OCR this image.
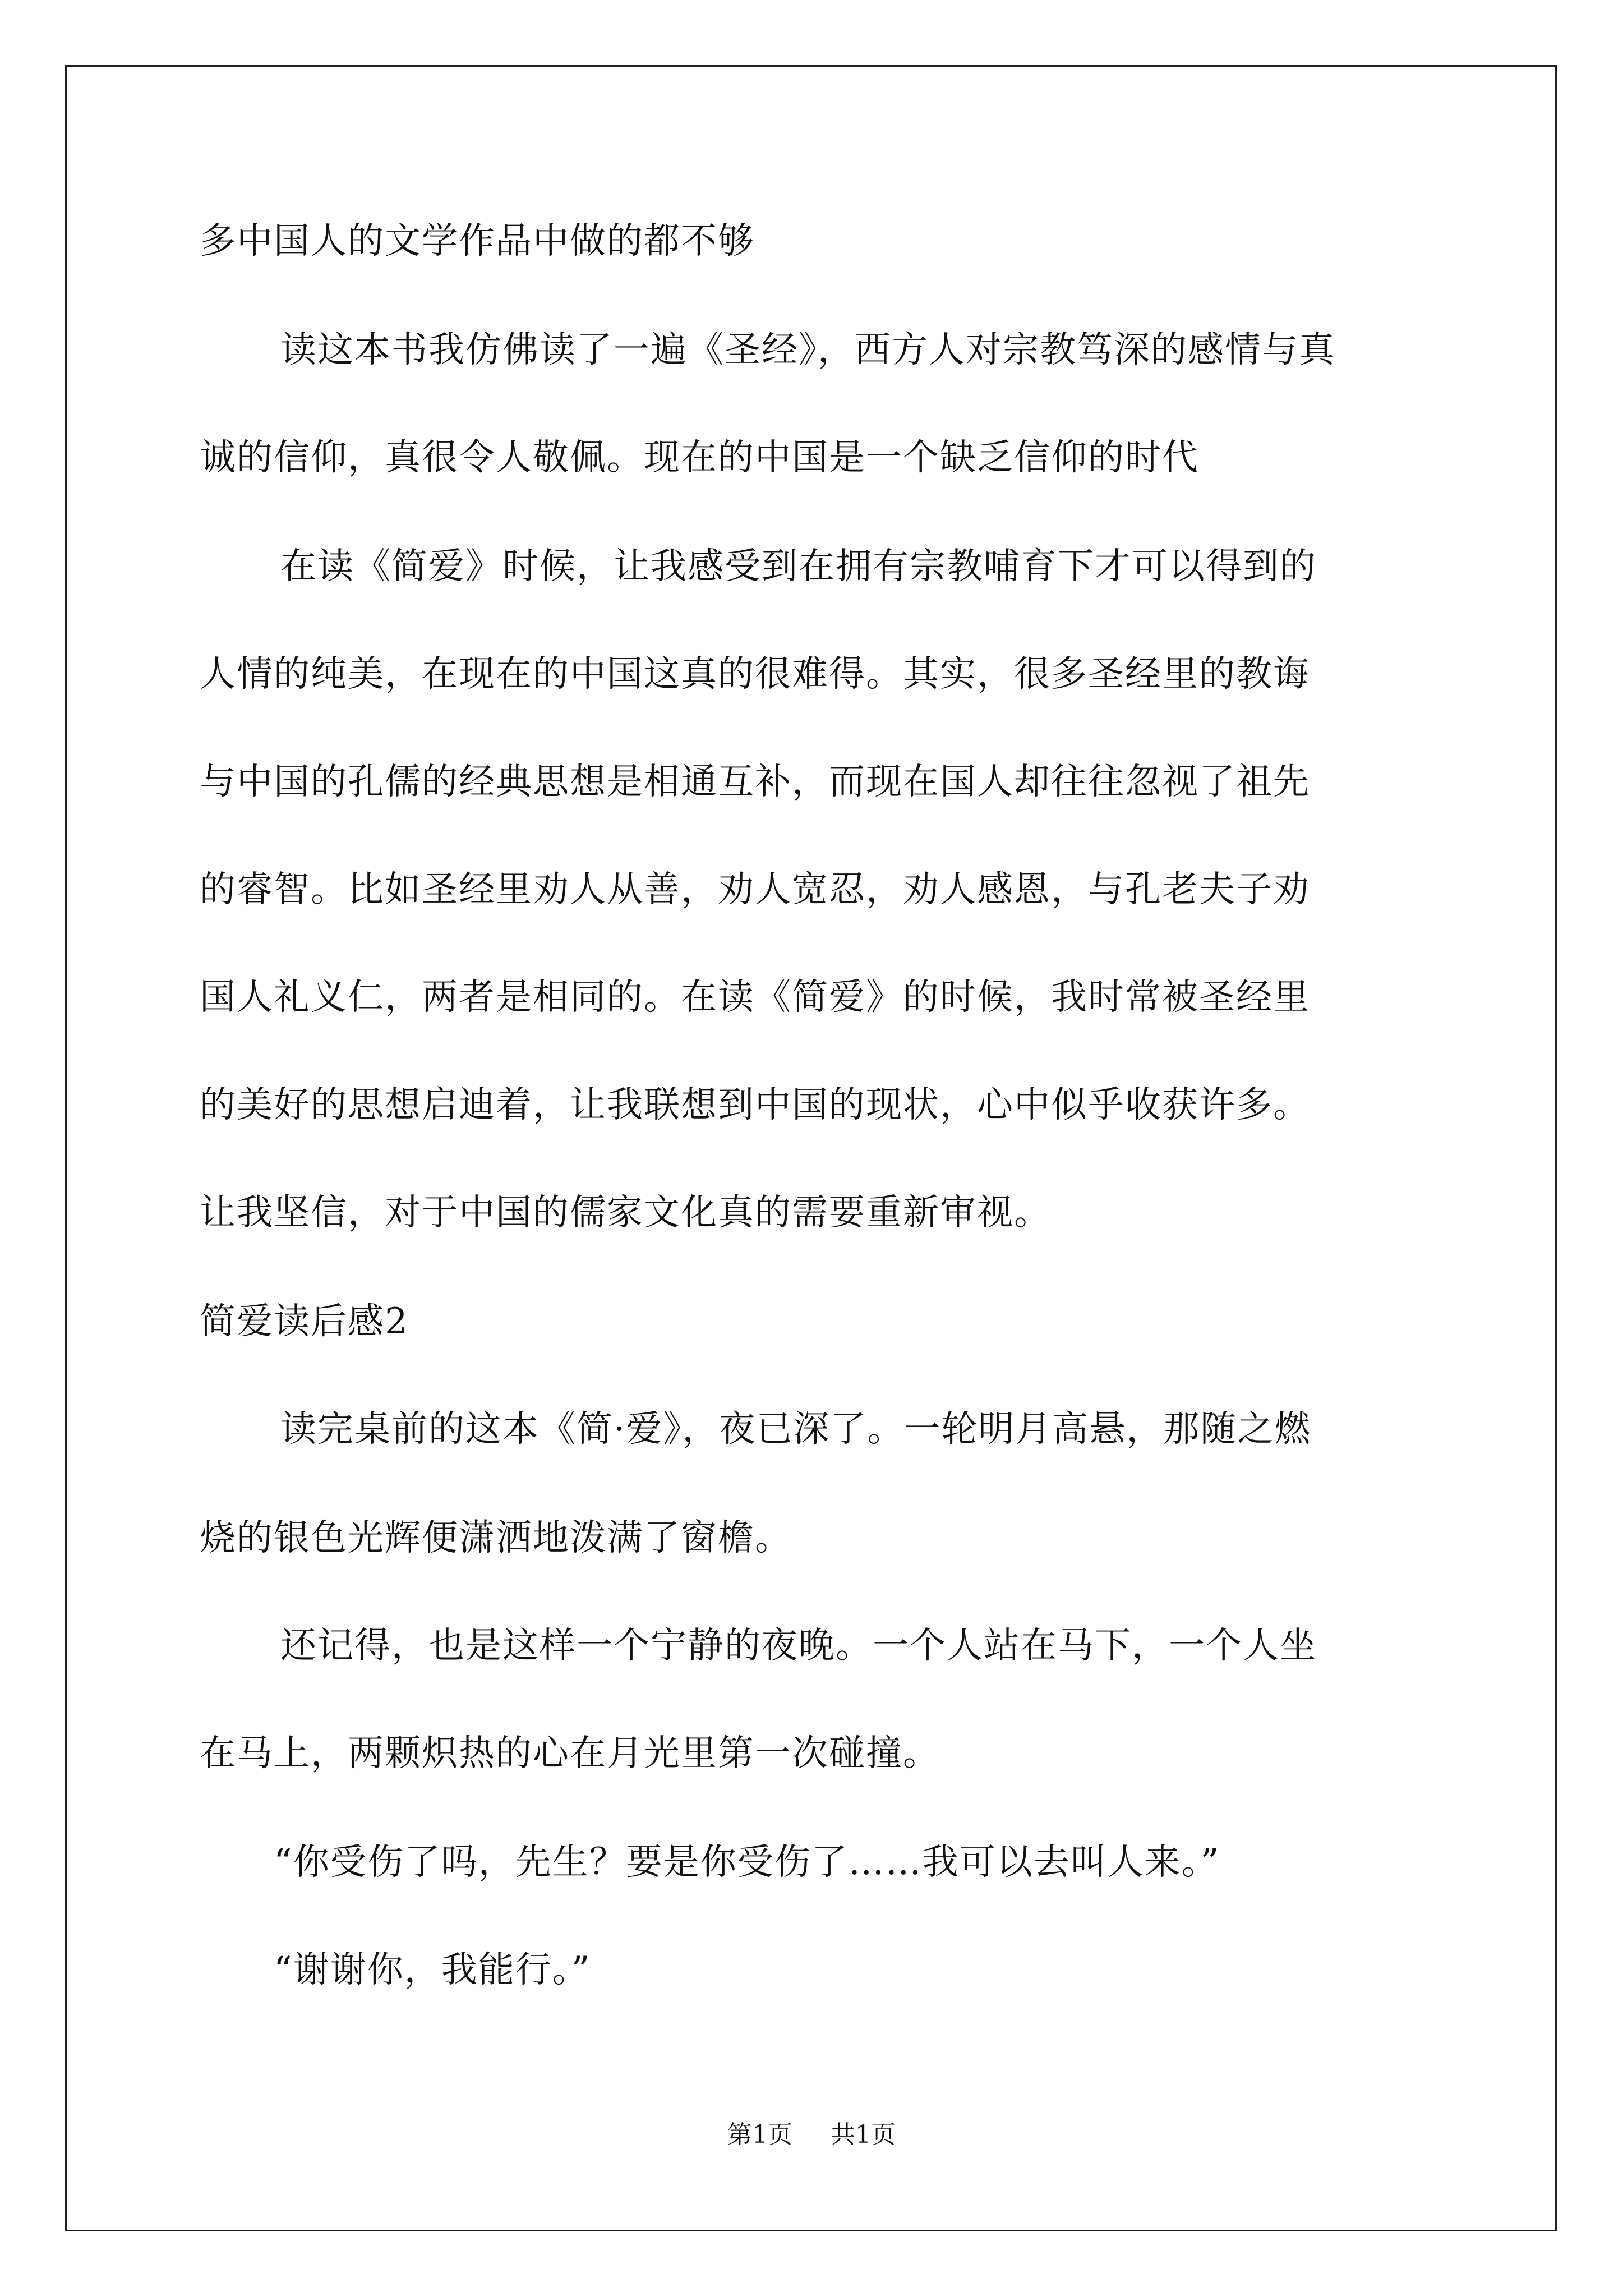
多中国人的文学作品中做的都不够
读这本书我仿佛读了一遍《圣经》，西方人对宗教笃深的感情与真
诚的信仰，真很令人敬佩。现在的中国是一个缺乏信仰的时代
在读《简爱》时候，让我感受到在拥有宗教哺育下才可以得到的
人情的纯美，在现在的中国这真的很难得。其实，很多圣经里的教诲
与中国的孔儒的经典思想是相通互补，而现在国人却往往忽视了祖先
的睿智。比如圣经里劝人从善，劝人宽忍，劝人感恩，与孔老夫子劝
国人礼义仁，两者是相同的。在读《简爱》的时候，我时常被圣经里
的美好的思想启迪着，让我联想到中国的现状，心中似乎收获许多。
让我坚信，对于中国的儒家文化真的需要重新审视。
简爱读后感2
读完桌前的这本《简·爱》，夜已深了。一轮明月高悬，那随之燃
烧的银色光辉便潇洒地泼满了窗檐。
还记得，也是这样一个宁静的夜晚。一个人站在马下，一个人坐
在马上，两颗炽热的心在月光里第一次碰撞。
“你受伤了吗，先生？要是你受伤了……我可以去叫人来。”
“谢谢你，我能行。”
第1页 共1页
